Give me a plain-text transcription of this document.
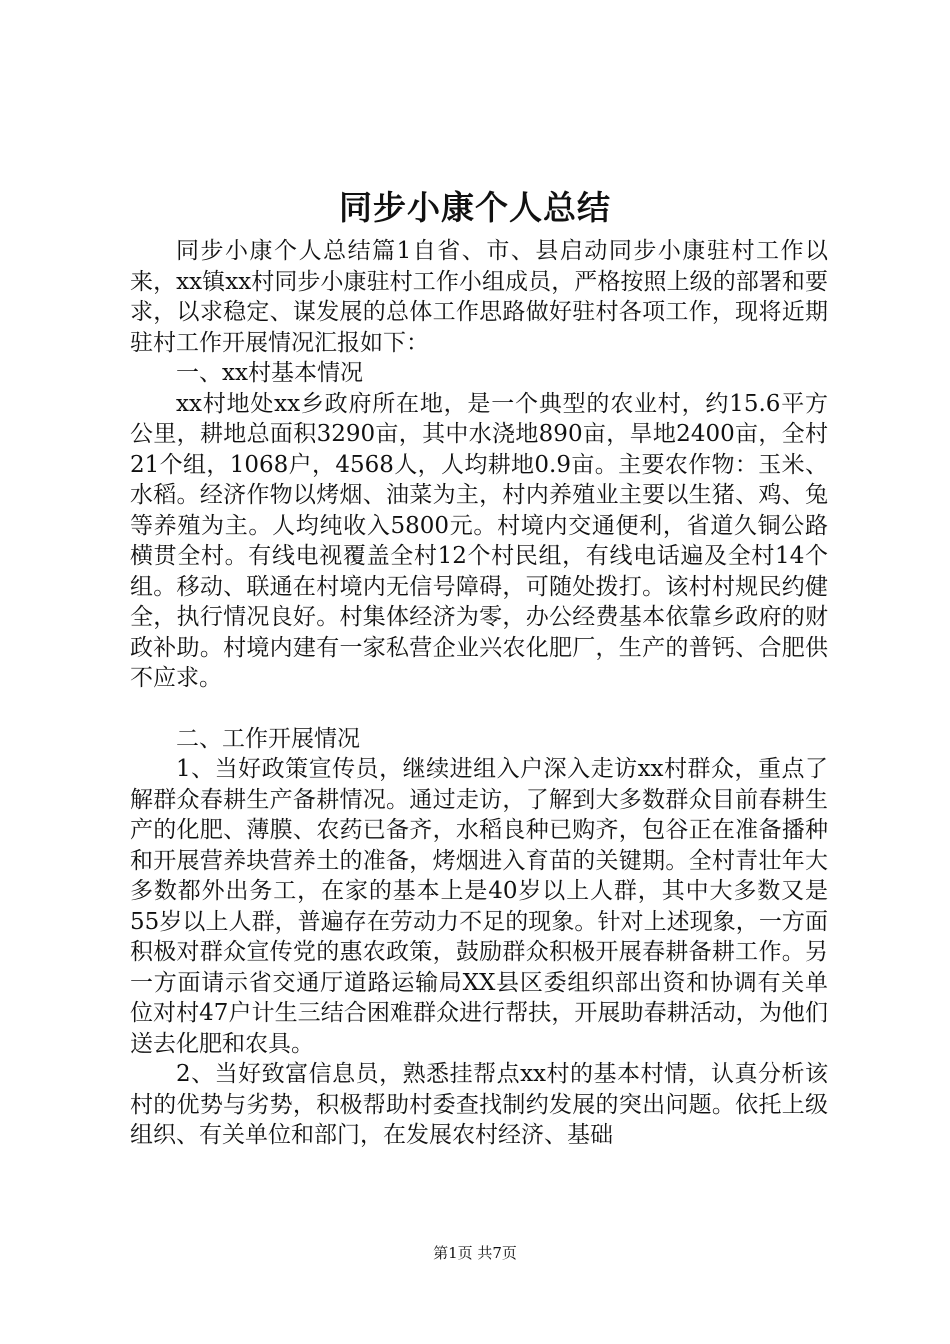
同步小康个人总结

同步小康个人总结篇1自省、市、县启动同步小康驻村工作以来，xx镇xx村同步小康驻村工作小组成员，严格按照上级的部署和要求，以求稳定、谋发展的总体工作思路做好驻村各项工作，现将近期驻村工作开展情况汇报如下：

一、xx村基本情况

xx村地处xx乡政府所在地，是一个典型的农业村，约15.6平方公里，耕地总面积3290亩，其中水浇地890亩，旱地2400亩，全村21个组，1068户，4568人，人均耕地0.9亩。主要农作物：玉米、水稻。经济作物以烤烟、油菜为主，村内养殖业主要以生猪、鸡、兔等养殖为主。人均纯收入5800元。村境内交通便利，省道久铜公路横贯全村。有线电视覆盖全村12个村民组，有线电话遍及全村14个组。移动、联通在村境内无信号障碍，可随处拨打。该村村规民约健全，执行情况良好。村集体经济为零，办公经费基本依靠乡政府的财政补助。村境内建有一家私营企业兴农化肥厂，生产的普钙、合肥供不应求。

二、工作开展情况

1、当好政策宣传员，继续进组入户深入走访xx村群众，重点了解群众春耕生产备耕情况。通过走访，了解到大多数群众目前春耕生产的化肥、薄膜、农药已备齐，水稻良种已购齐，包谷正在准备播种和开展营养块营养土的准备，烤烟进入育苗的关键期。全村青壮年大多数都外出务工，在家的基本上是40岁以上人群，其中大多数又是55岁以上人群，普遍存在劳动力不足的现象。针对上述现象，一方面积极对群众宣传党的惠农政策，鼓励群众积极开展春耕备耕工作。另一方面请示省交通厅道路运输局XX县区委组织部出资和协调有关单位对村47户计生三结合困难群众进行帮扶，开展助春耕活动，为他们送去化肥和农具。

2、当好致富信息员，熟悉挂帮点xx村的基本村情，认真分析该村的优势与劣势，积极帮助村委查找制约发展的突出问题。依托上级组织、有关单位和部门，在发展农村经济、基础

第1页 共7页
